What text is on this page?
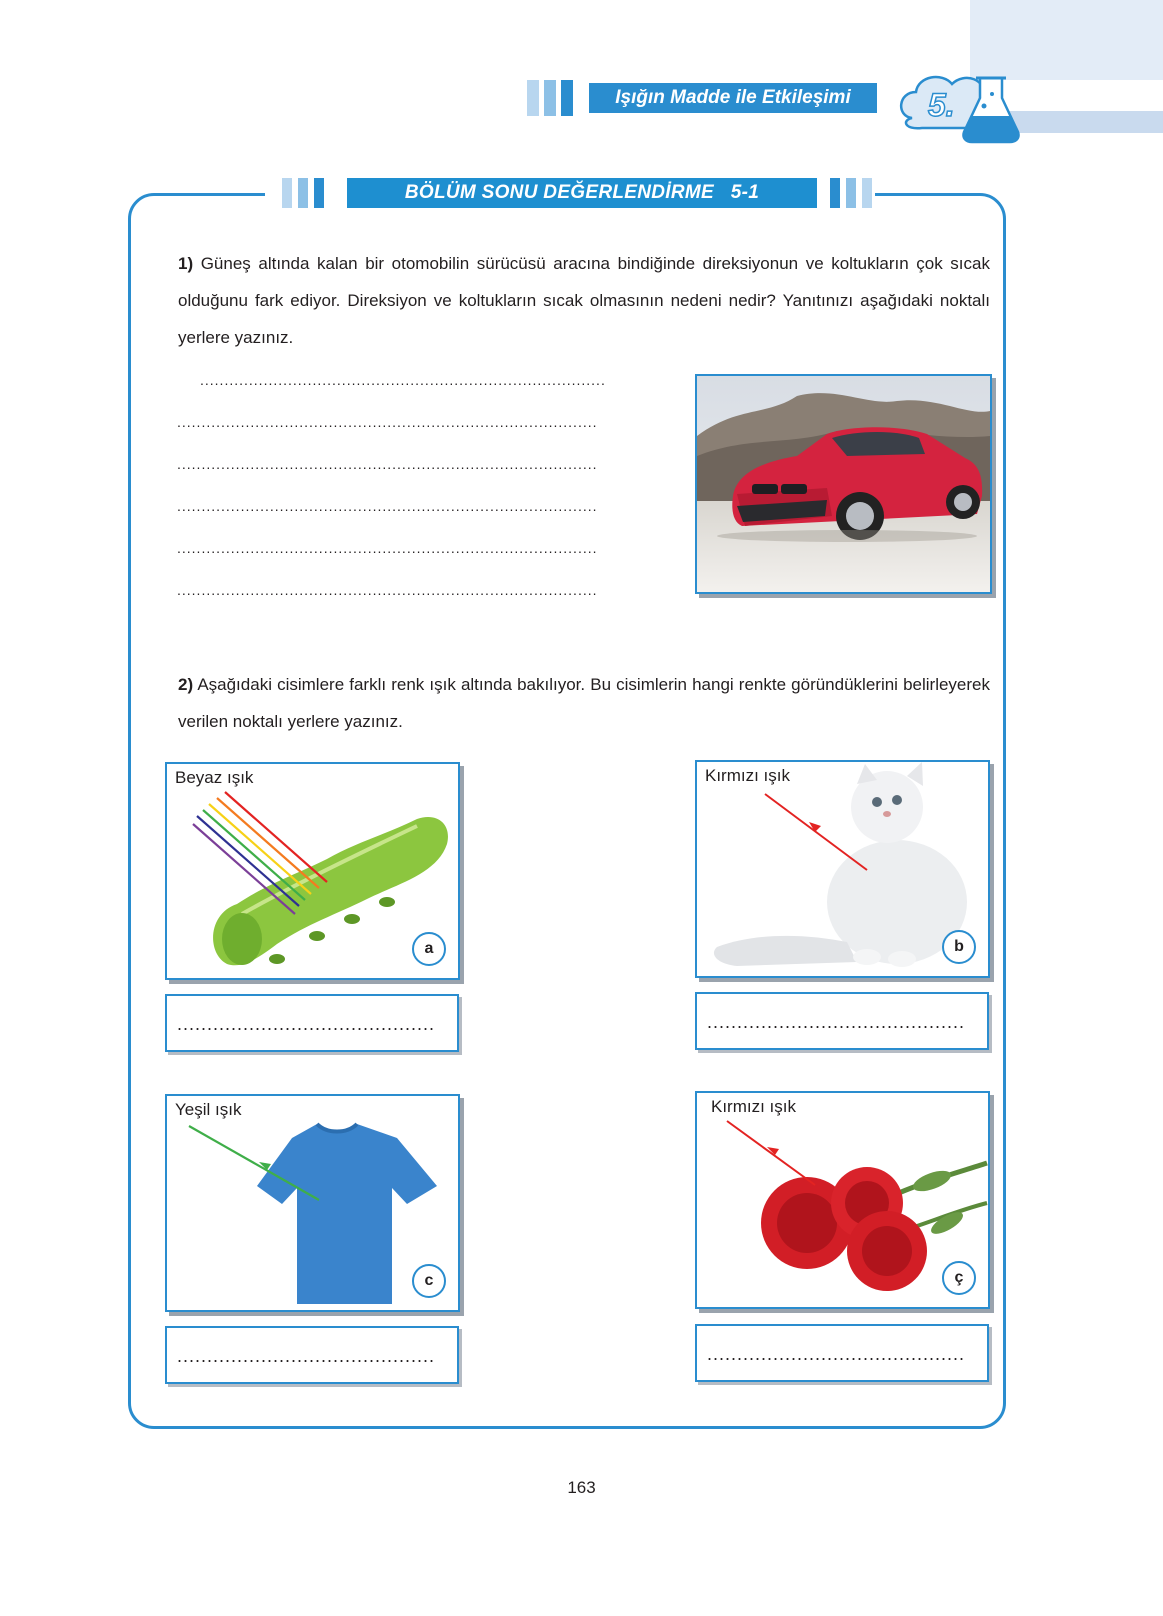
Işığın Madde ile Etkileşimi	5.
BÖLÜM SONU DEĞERLENDİRME   5-1
1) Güneş altında kalan bir otomobilin sürücüsü aracına bindiğinde direksiyonun ve koltukların çok sıcak olduğunu fark ediyor. Direksiyon ve koltukların sıcak olmasının nedeni nedir? Yanıtınızı aşağıdaki noktalı yerlere yazınız.
...................................................................................
......................................................................................
......................................................................................
......................................................................................
......................................................................................
......................................................................................
2) Aşağıdaki cisimlere farklı renk ışık altında bakılıyor. Bu cisimlerin hangi renkte göründüklerini belirleyerek verilen noktalı yerlere yazınız.
Beyaz ışık
a
...........................................
Kırmızı ışık
b
...........................................
Yeşil ışık
c
...........................................
Kırmızı ışık
ç
...........................................
163
